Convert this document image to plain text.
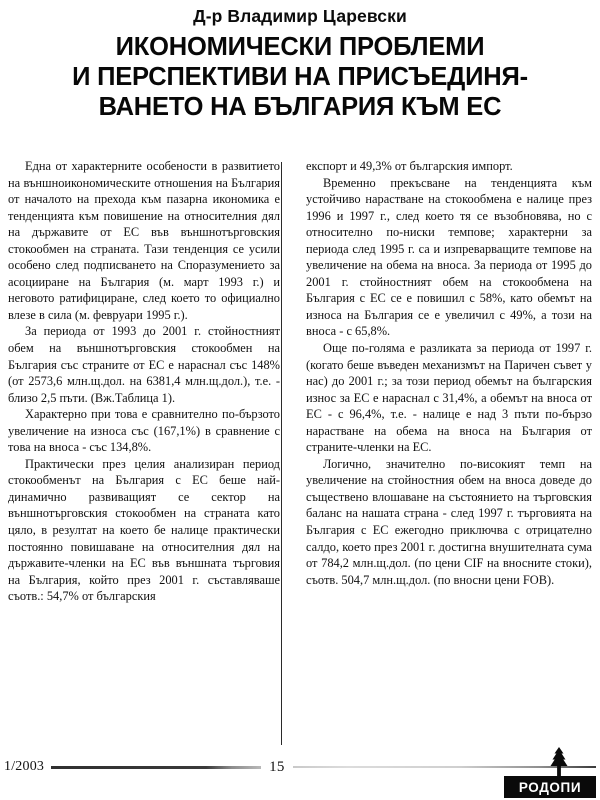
Д-р Владимир Царевски
ИКОНОМИЧЕСКИ ПРОБЛЕМИ
И ПЕРСПЕКТИВИ НА ПРИСЪЕДИНЯ-
ВАНЕТО НА БЪЛГАРИЯ КЪМ ЕС

Една от характерните особености в развитието на външноикономическите отношения на България от началото на прехода към пазарна икономика е тенденцията към повишение на относителния дял на държавите от ЕС във външнотърговския стокообмен на страната. Тази тенденция се усили особено след подписването на Споразумението за асоцииране на България (м. март 1993 г.) и неговото ратифициране, след което то официално влезе в сила (м. февруари 1995 г.).

За периода от 1993 до 2001 г. стойностният обем на външнотърговския стокообмен на България със страните от ЕС е нараснал със 148% (от 2573,6 млн.щ.дол. на 6381,4 млн.щ.дол.), т.е. - близо 2,5 пъти. (Вж.Таблица 1).

Характерно при това е сравнително по-бързото увеличение на износа със (167,1%) в сравнение с това на вноса - със 134,8%.

Практически през целия анализиран период стокообменът на България с ЕС беше най-динамично развиващият се сектор на външнотърговския стокообмен на страната като цяло, в резултат на което бе налице практически постоянно повишаване на относителния дял на държавите-членки на ЕС във външната търговия на България, който през 2001 г. съставляваше съотв.: 54,7% от българския

експорт и 49,3% от българския импорт.

Временно прекъсване на тенденцията към устойчиво нарастване на стокообмена е налице през 1996 и 1997 г., след което тя се възобновява, но с относително по-ниски темпове; характерни за периода след 1995 г. са и изпреварващите темпове на увеличение на обема на вноса. За периода от 1995 до 2001 г. стойностният обем на стокообмена на България с ЕС се е повишил с 58%, като обемът на износа на България се е увеличил с 49%, а този на вноса - с 65,8%.

Още по-голяма е разликата за периода от 1997 г. (когато беше въведен механизмът на Паричен съвет у нас) до 2001 г.; за този период обемът на българския износ за ЕС е нараснал с 31,4%, а обемът на вноса от ЕС - с 96,4%, т.е. - налице е над 3 пъти по-бързо нарастване на обема на вноса на България от страните-членки на ЕС.

Логично, значително по-високият темп на увеличение на стойностния обем на вноса доведе до съществено влошаване на състоянието на търговския баланс на нашата страна - след 1997 г. търговията на България с ЕС ежегодно приключва с отрицателно салдо, което през 2001 г. достигна внушителната сума от 784,2 млн.щ.дол. (по цени CIF на вносните стоки), съотв. 504,7 млн.щ.дол. (по вносни цени FOB).

1/2003	15
РОДОПИ
